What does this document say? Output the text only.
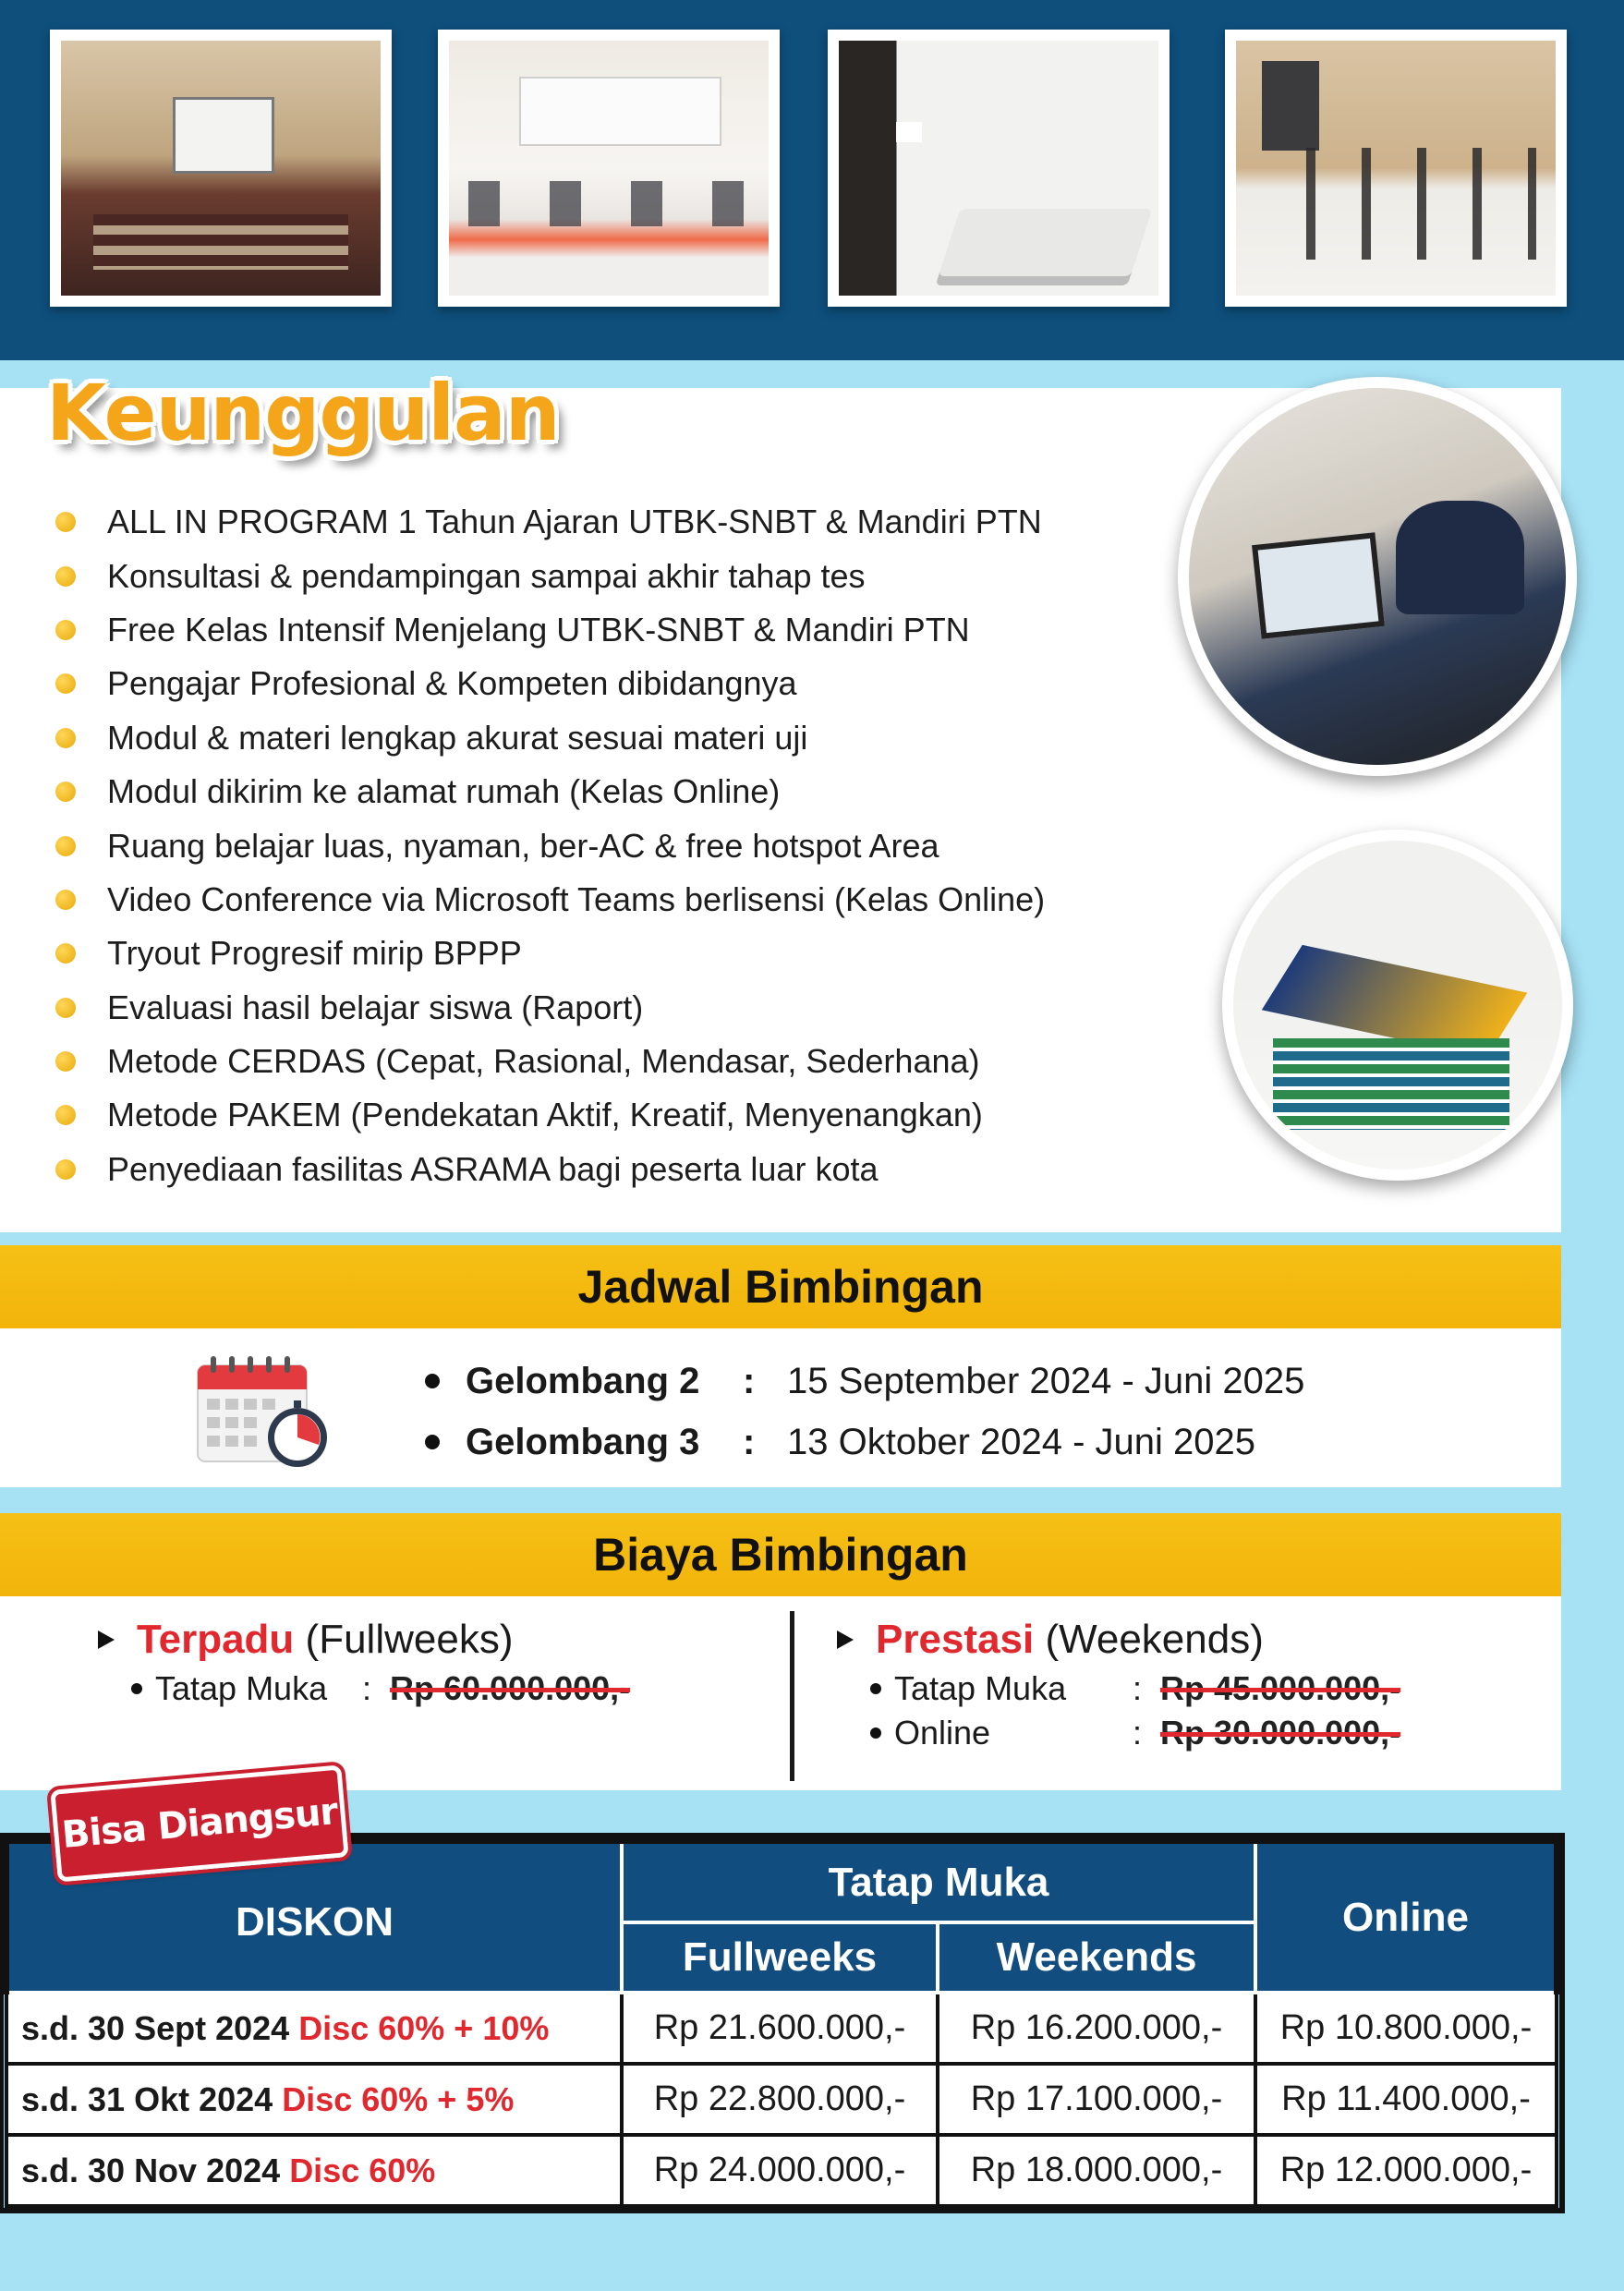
Keunggulan
ALL IN PROGRAM 1 Tahun Ajaran UTBK-SNBT & Mandiri PTN
Konsultasi & pendampingan sampai akhir tahap tes
Free Kelas Intensif Menjelang UTBK-SNBT & Mandiri PTN
Pengajar Profesional & Kompeten dibidangnya
Modul & materi lengkap akurat sesuai materi uji
Modul dikirim ke alamat rumah (Kelas Online)
Ruang belajar luas, nyaman, ber-AC & free hotspot Area
Video Conference via Microsoft Teams berlisensi (Kelas Online)
Tryout Progresif mirip BPPP
Evaluasi hasil belajar siswa (Raport)
Metode CERDAS (Cepat, Rasional, Mendasar, Sederhana)
Metode PAKEM (Pendekatan Aktif, Kreatif, Menyenangkan)
Penyediaan fasilitas ASRAMA bagi peserta luar kota
Jadwal Bimbingan
Gelombang 2	: 15 September 2024 - Juni 2025
Gelombang 3	: 13 Oktober 2024 - Juni 2025
Biaya Bimbingan
Terpadu
(Fullweeks)
Tatap Muka	: Rp 60.000.000,-
Prestasi
(Weekends)
Tatap Muka	: Rp 45.000.000,-
Online	: Rp 30.000.000,-
Bisa Diangsur
DISKON	Tatap Muka		Online
	Fullweeks	Weekends	
s.d. 30 Sept 2024 Disc 60% + 10%	Rp 21.600.000,-	Rp 16.200.000,-	Rp 10.800.000,-
s.d. 31 Okt 2024 Disc 60% + 5%	Rp 22.800.000,-	Rp 17.100.000,-	Rp 11.400.000,-
s.d. 30 Nov 2024 Disc 60%	Rp 24.000.000,-	Rp 18.000.000,-	Rp 12.000.000,-
